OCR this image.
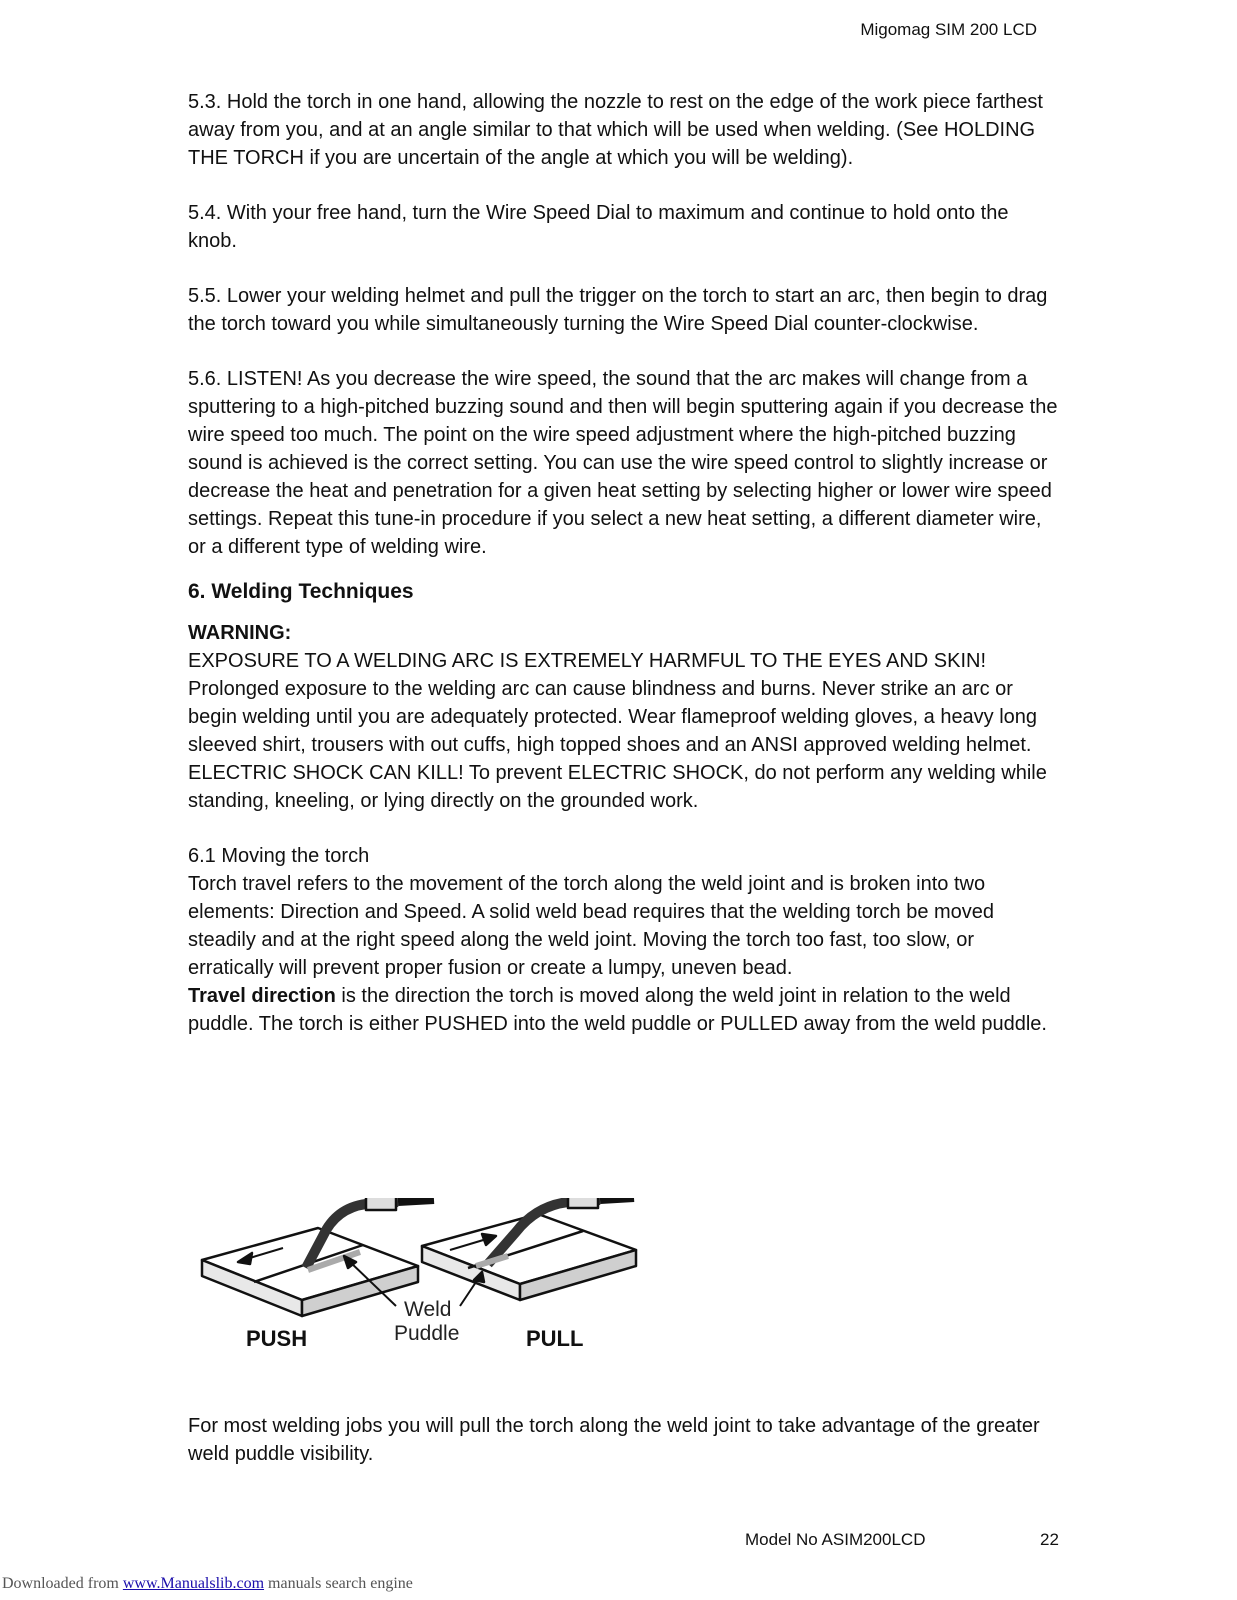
Migomag SIM 200 LCD

5.3. Hold the torch in one hand, allowing the nozzle to rest on the edge of the work piece farthest away from you, and at an angle similar to that which will be used when welding. (See HOLDING THE TORCH if you are uncertain of the angle at which you will be welding).

5.4. With your free hand, turn the Wire Speed Dial to maximum and continue to hold onto the knob.

5.5. Lower your welding helmet and pull the trigger on the torch to start an arc, then begin to drag the torch toward you while simultaneously turning the Wire Speed Dial counter-clockwise.

5.6. LISTEN! As you decrease the wire speed, the sound that the arc makes will change from a sputtering to a high-pitched buzzing sound and then will begin sputtering again if you decrease the wire speed too much. The point on the wire speed adjustment where the high-pitched buzzing sound is achieved is the correct setting. You can use the wire speed control to slightly increase or decrease the heat and penetration for a given heat setting by selecting higher or lower wire speed settings. Repeat this tune-in procedure if you select a new heat setting, a different diameter wire, or a different type of welding wire.

6. Welding Techniques
WARNING:
EXPOSURE TO A WELDING ARC IS EXTREMELY HARMFUL TO THE EYES AND SKIN!
Prolonged exposure to the welding arc can cause blindness and burns. Never strike an arc or begin welding until you are adequately protected. Wear flameproof welding gloves, a heavy long sleeved shirt, trousers with out cuffs, high topped shoes and an ANSI approved welding helmet.
ELECTRIC SHOCK CAN KILL! To prevent ELECTRIC SHOCK, do not perform any welding while standing, kneeling, or lying directly on the grounded work.
6.1 Moving the torch
Torch travel refers to the movement of the torch along the weld joint and is broken into two elements: Direction and Speed. A solid weld bead requires that the welding torch be moved steadily and at the right speed along the weld joint. Moving the torch too fast, too slow, or erratically will prevent proper fusion or create a lumpy, uneven bead.
Travel direction is the direction the torch is moved along the weld joint in relation to the weld puddle. The torch is either PUSHED into the weld puddle or PULLED away from the weld puddle.
PUSH	PULL
Weld
Puddle
For most welding jobs you will pull the torch along the weld joint to take advantage of the greater weld puddle visibility.
Model No ASIM200LCD	22
Downloaded from www.Manualslib.com manuals search engine
